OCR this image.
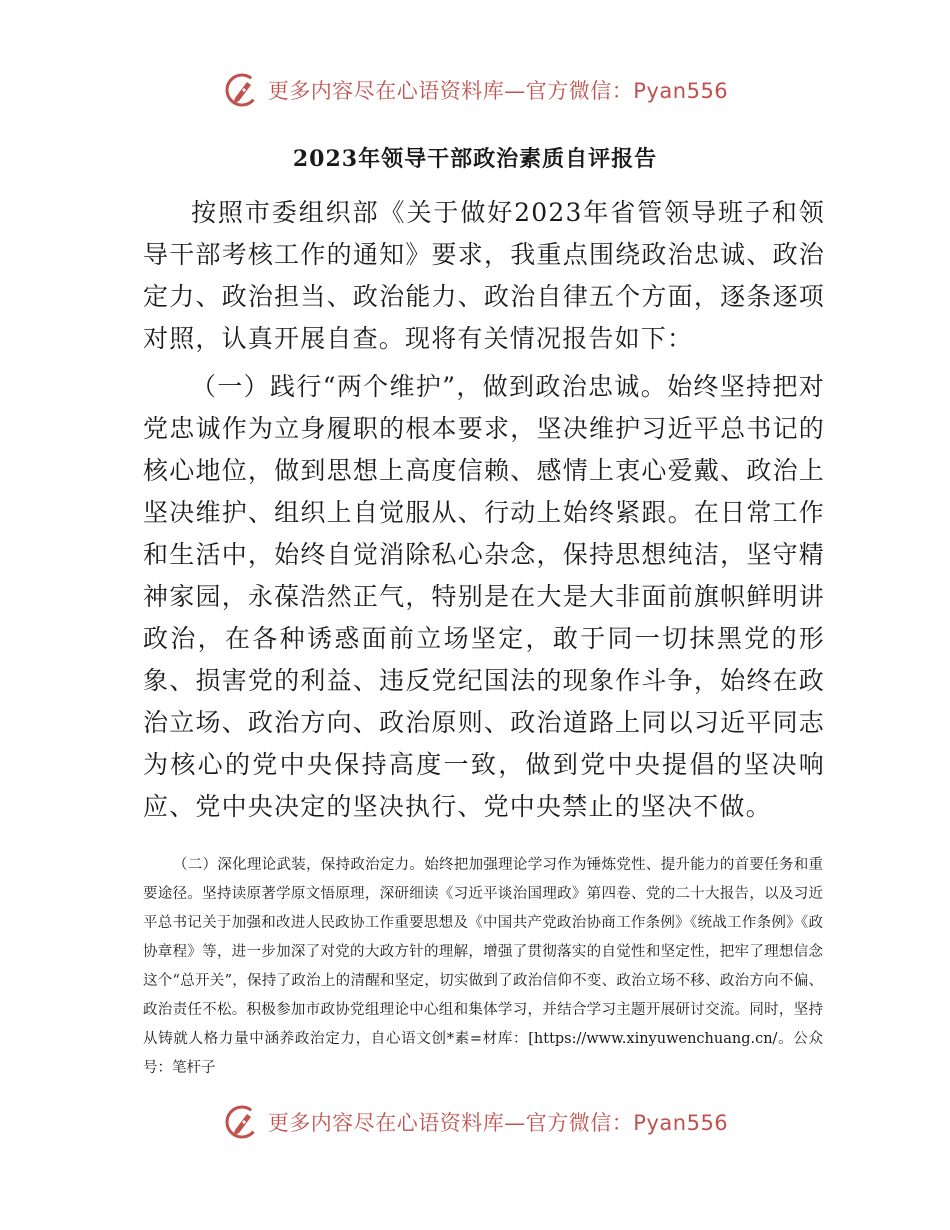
更多内容尽在心语资料库—官方微信：Pyan556
2023年领导干部政治素质自评报告

按照市委组织部《关于做好2023年省管领导班子和领导干部考核工作的通知》要求，我重点围绕政治忠诚、政治定力、政治担当、政治能力、政治自律五个方面，逐条逐项对照，认真开展自查。现将有关情况报告如下：

（一）践行“两个维护”，做到政治忠诚。始终坚持把对党忠诚作为立身履职的根本要求，坚决维护习近平总书记的核心地位，做到思想上高度信赖、感情上衷心爱戴、政治上坚决维护、组织上自觉服从、行动上始终紧跟。在日常工作和生活中，始终自觉消除私心杂念，保持思想纯洁，坚守精神家园，永葆浩然正气，特别是在大是大非面前旗帜鲜明讲政治，在各种诱惑面前立场坚定，敢于同一切抹黑党的形象、损害党的利益、违反党纪国法的现象作斗争，始终在政治立场、政治方向、政治原则、政治道路上同以习近平同志为核心的党中央保持高度一致，做到党中央提倡的坚决响应、党中央决定的坚决执行、党中央禁止的坚决不做。

（二）深化理论武装，保持政治定力。始终把加强理论学习作为锤炼党性、提升能力的首要任务和重要途径。坚持读原著学原文悟原理，深研细读《习近平谈治国理政》第四卷、党的二十大报告，以及习近平总书记关于加强和改进人民政协工作重要思想及《中国共产党政治协商工作条例》《统战工作条例》《政协章程》等，进一步加深了对党的大政方针的理解，增强了贯彻落实的自觉性和坚定性，把牢了理想信念这个“总开关”，保持了政治上的清醒和坚定，切实做到了政治信仰不变、政治立场不移、政治方向不偏、政治责任不松。积极参加市政协党组理论中心组和集体学习，并结合学习主题开展研讨交流。同时，坚持从铸就人格力量中涵养政治定力，自心语文创*素=材库：[https://www.xinyuwenchuang.cn/。公众号：笔杆子

更多内容尽在心语资料库—官方微信：Pyan556
